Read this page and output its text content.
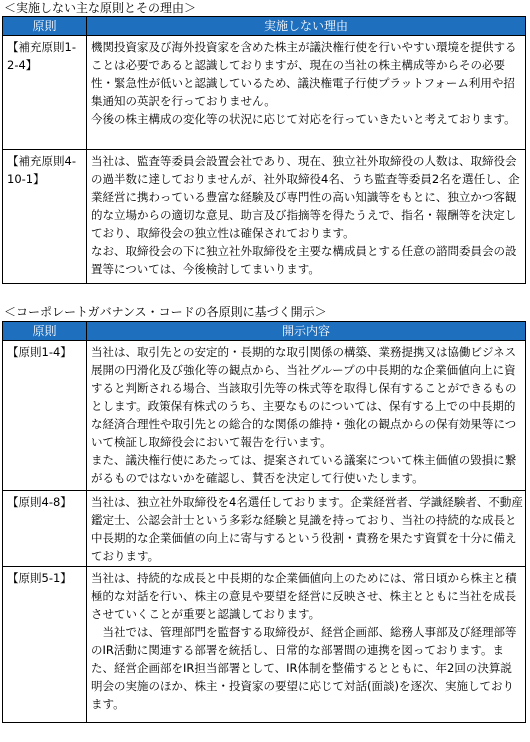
＜実施しない主な原則とその理由＞
原則	実施しない理由

【補充原則1-2-4】	機関投資家及び海外投資家を含めた株主が議決権行使を行いやすい環境を提供することは必要であると認識しておりますが、現在の当社の株主構成等からその必要性・緊急性が低いと認識しているため、議決権電子行使プラットフォーム利用や招集通知の英訳を行っておりません。
今後の株主構成の変化等の状況に応じて対応を行っていきたいと考えております。

【補充原則4-10-1】	当社は、監査等委員会設置会社であり、現在、独立社外取締役の人数は、取締役会の過半数に達しておりませんが、社外取締役4名、うち監査等委員2名を選任し、企業経営に携わっている豊富な経験及び専門性の高い知識等をもとに、独立かつ客観的な立場からの適切な意見、助言及び指摘等を得たうえで、指名・報酬等を決定しており、取締役会の独立性は確保されております。
なお、取締役会の下に独立社外取締役を主要な構成員とする任意の諮問委員会の設置等については、今後検討してまいります。
＜コーポレートガバナンス・コードの各原則に基づく開示＞
原則	開示内容

【原則1-4】	当社は、取引先との安定的・長期的な取引関係の構築、業務提携又は協働ビジネス展開の円滑化及び強化等の観点から、当社グループの中長期的な企業価値向上に資すると判断される場合、当該取引先等の株式等を取得し保有することができるものとします。政策保有株式のうち、主要なものについては、保有する上での中長期的な経済合理性や取引先との総合的な関係の維持・強化の観点からの保有効果等について検証し取締役会において報告を行います。
また、議決権行使にあたっては、提案されている議案について株主価値の毀損に繋がるものではないかを確認し、賛否を決定して行使いたします。

【原則4-8】	当社は、独立社外取締役を4名選任しております。企業経営者、学識経験者、不動産鑑定士、公認会計士という多彩な経験と見識を持っており、当社の持続的な成長と中長期的な企業価値の向上に寄与するという役割・責務を果たす資質を十分に備えております。

【原則5-1】	当社は、持続的な成長と中長期的な企業価値向上のためには、常日頃から株主と積極的な対話を行い、株主の意見や要望を経営に反映させ、株主とともに当社を成長させていくことが重要と認識しております。
　当社では、管理部門を監督する取締役が、経営企画部、総務人事部及び経理部等のIR活動に関連する部署を統括し、日常的な部署間の連携を図っております。また、経営企画部をIR担当部署として、IR体制を整備するとともに、年2回の決算説明会の実施のほか、株主・投資家の要望に応じて対話(面談)を逐次、実施しております。
